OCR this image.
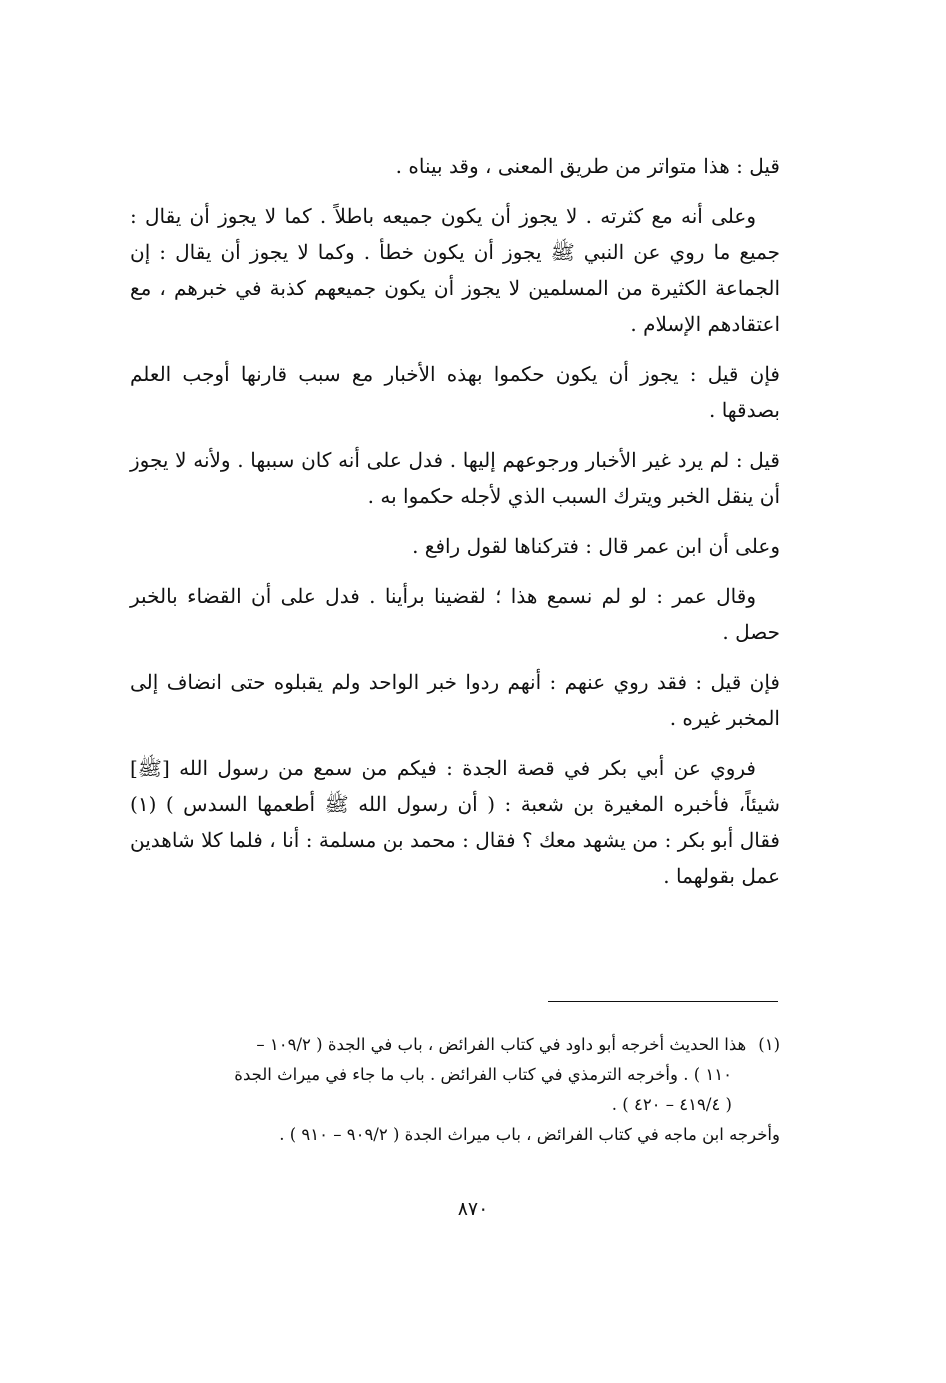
قيل : هذا متواتر من طريق المعنى ، وقد بيناه .

وعلى أنه مع كثرته . لا يجوز أن يكون جميعه باطلاً . كما لا يجوز أن يقال : جميع ما روي عن النبي ﷺ يجوز أن يكون خطأ . وكما لا يجوز أن يقال : إن الجماعة الكثيرة من المسلمين لا يجوز أن يكون جميعهم كذبة في خبرهم ، مع اعتقادهم الإسلام .

فإن قيل : يجوز أن يكون حكموا بهذه الأخبار مع سبب قارنها أوجب العلم بصدقها .

قيل : لم يرد غير الأخبار ورجوعهم إليها . فدل على أنه كان سببها . ولأنه لا يجوز أن ينقل الخبر ويترك السبب الذي لأجله حكموا به .

وعلى أن ابن عمر قال : فتركناها لقول رافع .

وقال عمر : لو لم نسمع هذا ؛ لقضينا برأينا . فدل على أن القضاء بالخبر حصل .

فإن قيل : فقد روي عنهم : أنهم ردوا خبر الواحد ولم يقبلوه حتى انضاف إلى المخبر غيره .

فروي عن أبي بكر في قصة الجدة : فيكم من سمع من رسول الله [ﷺ] شيئاً، فأخبره المغيرة بن شعبة : ( أن رسول الله ﷺ أطعمها السدس ) (١) فقال أبو بكر : من يشهد معك ؟ فقال : محمد بن مسلمة : أنا ، فلما كلا شاهدين عمل بقولهما .

(١)هذا الحديث أخرجه أبو داود في كتاب الفرائض ، باب في الجدة ( ١٠٩/٢ –

١١٠ ) . وأخرجه الترمذي في كتاب الفرائض . باب ما جاء في ميراث الجدة

( ٤١٩/٤ – ٤٢٠ ) .

وأخرجه ابن ماجه في كتاب الفرائض ، باب ميراث الجدة ( ٩٠٩/٢ – ٩١٠ ) .

٨٧٠
